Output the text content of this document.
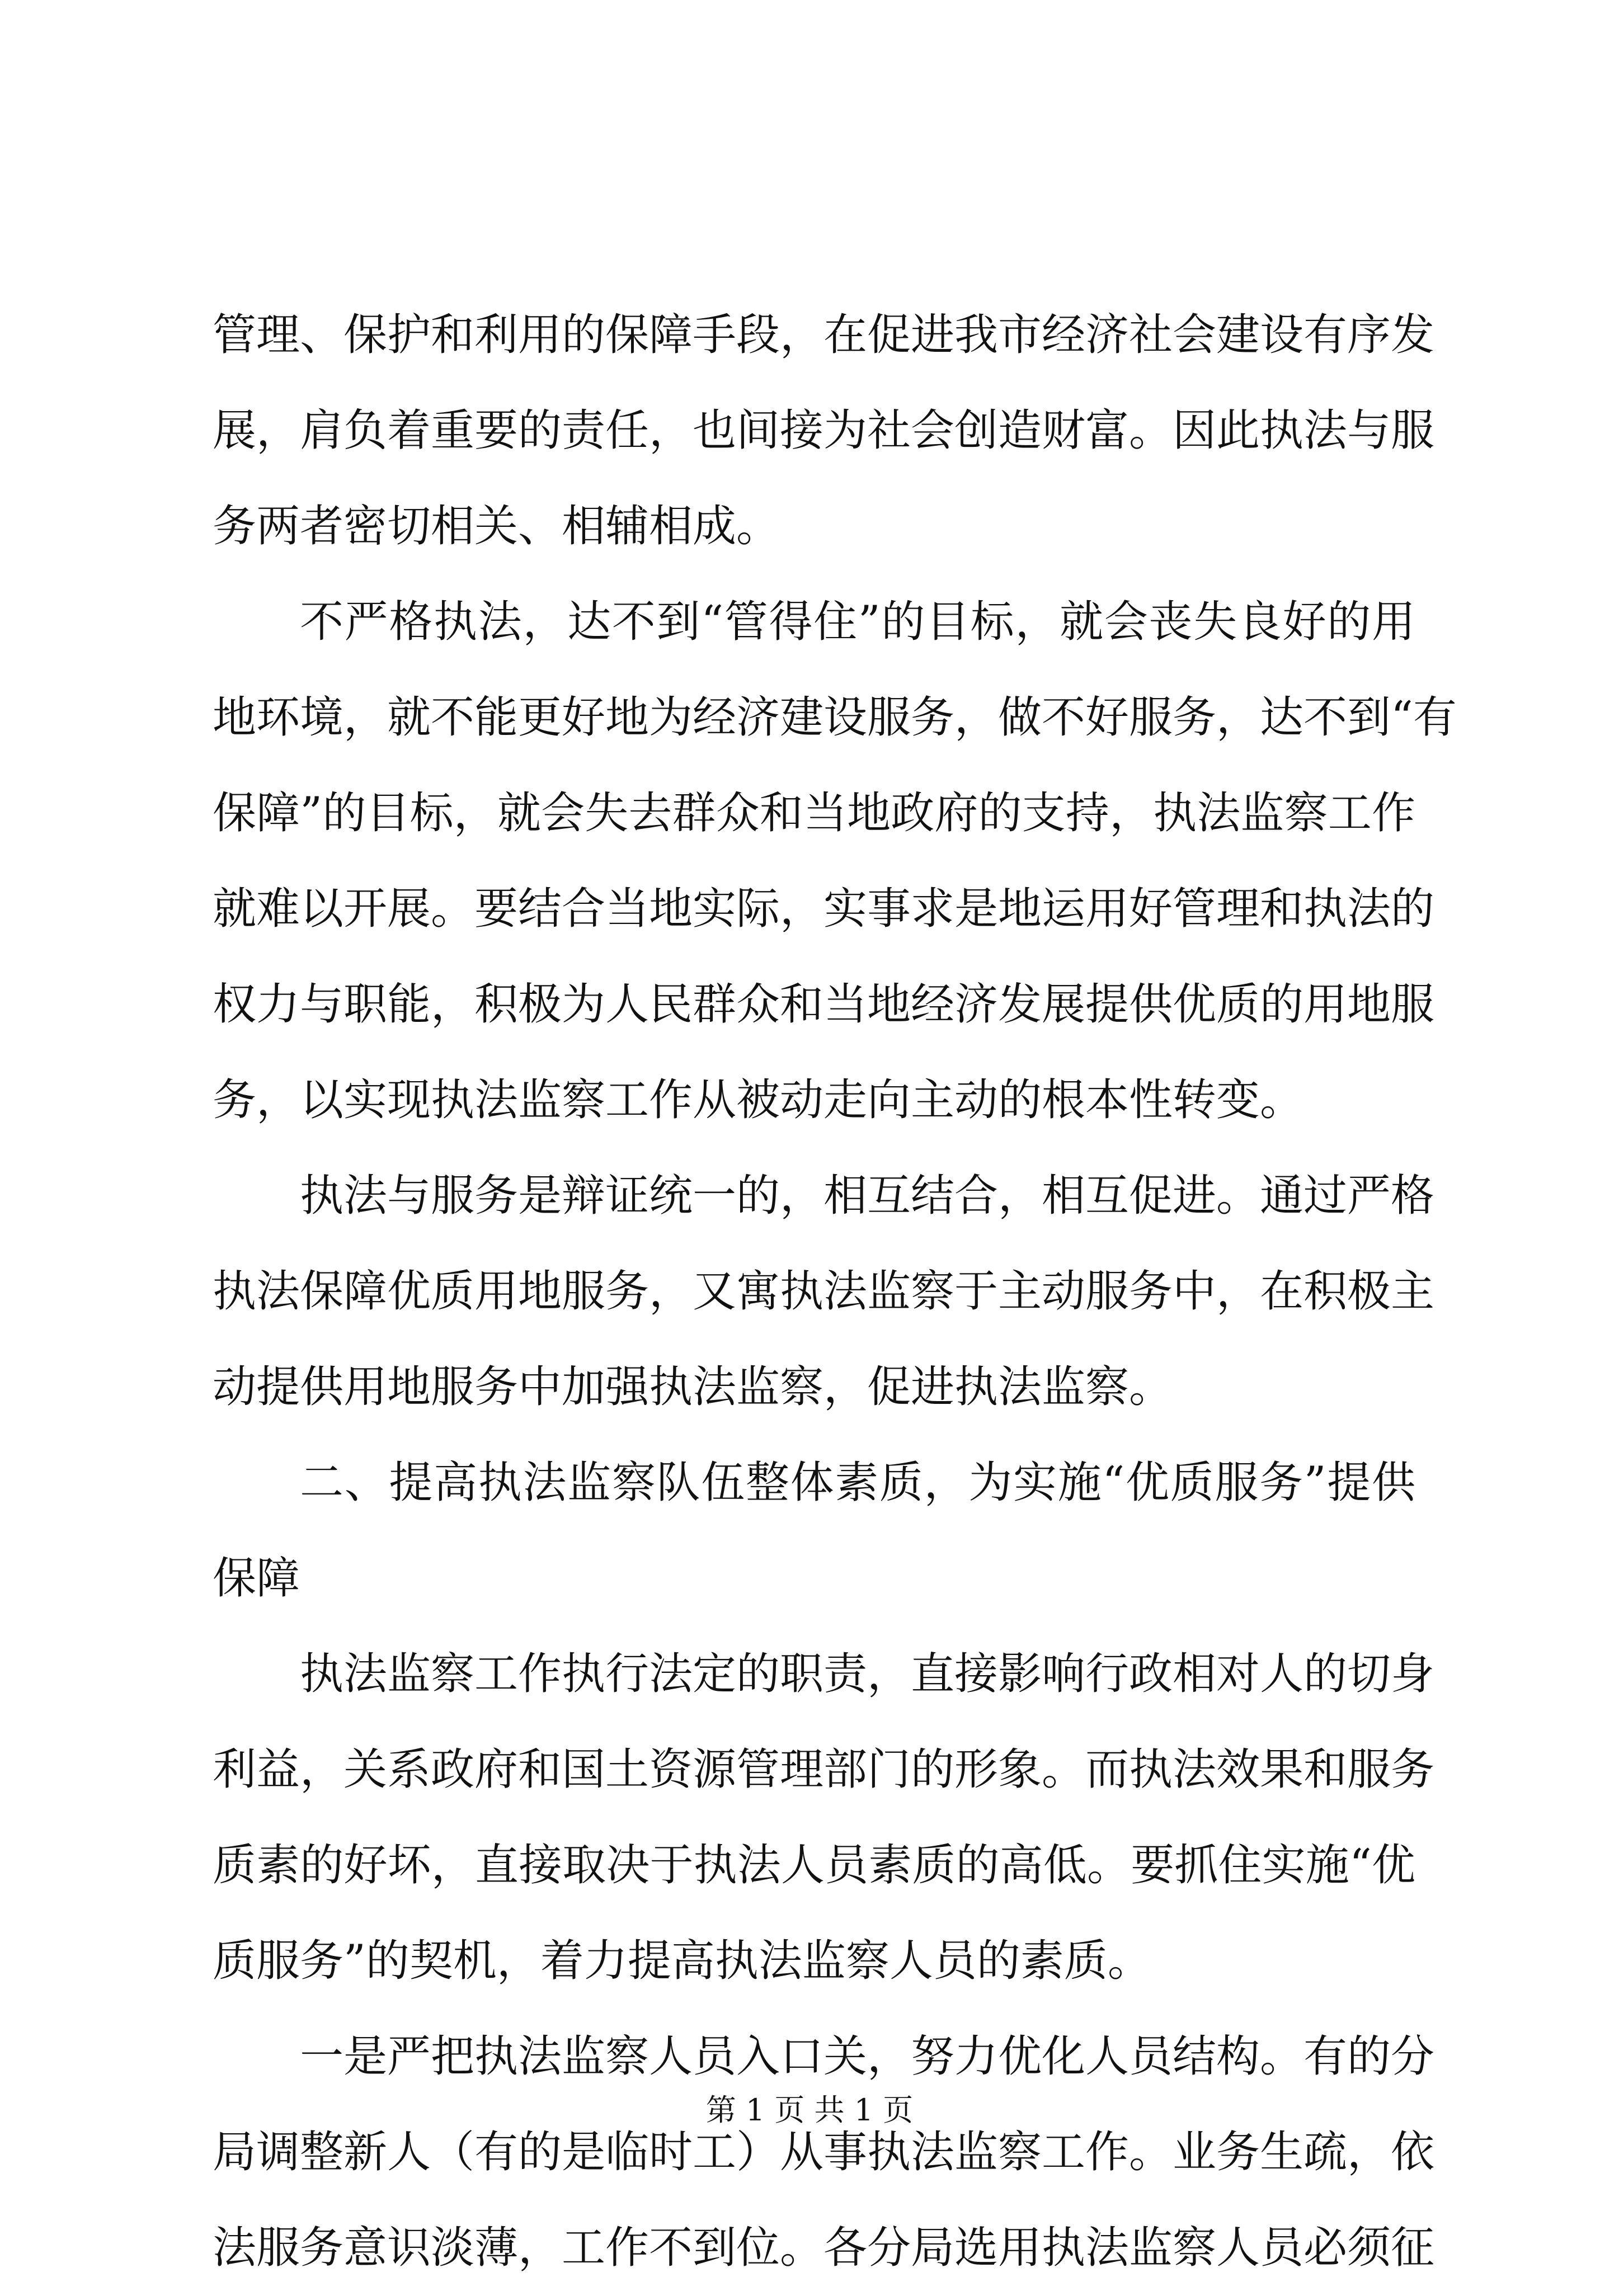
管理、保护和利用的保障手段，在促进我市经济社会建设有序发
展，肩负着重要的责任，也间接为社会创造财富。因此执法与服
务两者密切相关、相辅相成。
不严格执法，达不到“管得住”的目标，就会丧失良好的用
地环境，就不能更好地为经济建设服务，做不好服务，达不到“有
保障”的目标，就会失去群众和当地政府的支持，执法监察工作
就难以开展。要结合当地实际，实事求是地运用好管理和执法的
权力与职能，积极为人民群众和当地经济发展提供优质的用地服
务，以实现执法监察工作从被动走向主动的根本性转变。
执法与服务是辩证统一的，相互结合，相互促进。通过严格
执法保障优质用地服务，又寓执法监察于主动服务中，在积极主
动提供用地服务中加强执法监察，促进执法监察。
二、提高执法监察队伍整体素质，为实施“优质服务”提供
保障
执法监察工作执行法定的职责，直接影响行政相对人的切身
利益，关系政府和国土资源管理部门的形象。而执法效果和服务
质素的好坏，直接取决于执法人员素质的高低。要抓住实施“优
质服务”的契机，着力提高执法监察人员的素质。
一是严把执法监察人员入口关，努力优化人员结构。有的分
局调整新人（有的是临时工）从事执法监察工作。业务生疏，依
法服务意识淡薄，工作不到位。各分局选用执法监察人员必须征
第 1 页 共 1 页
